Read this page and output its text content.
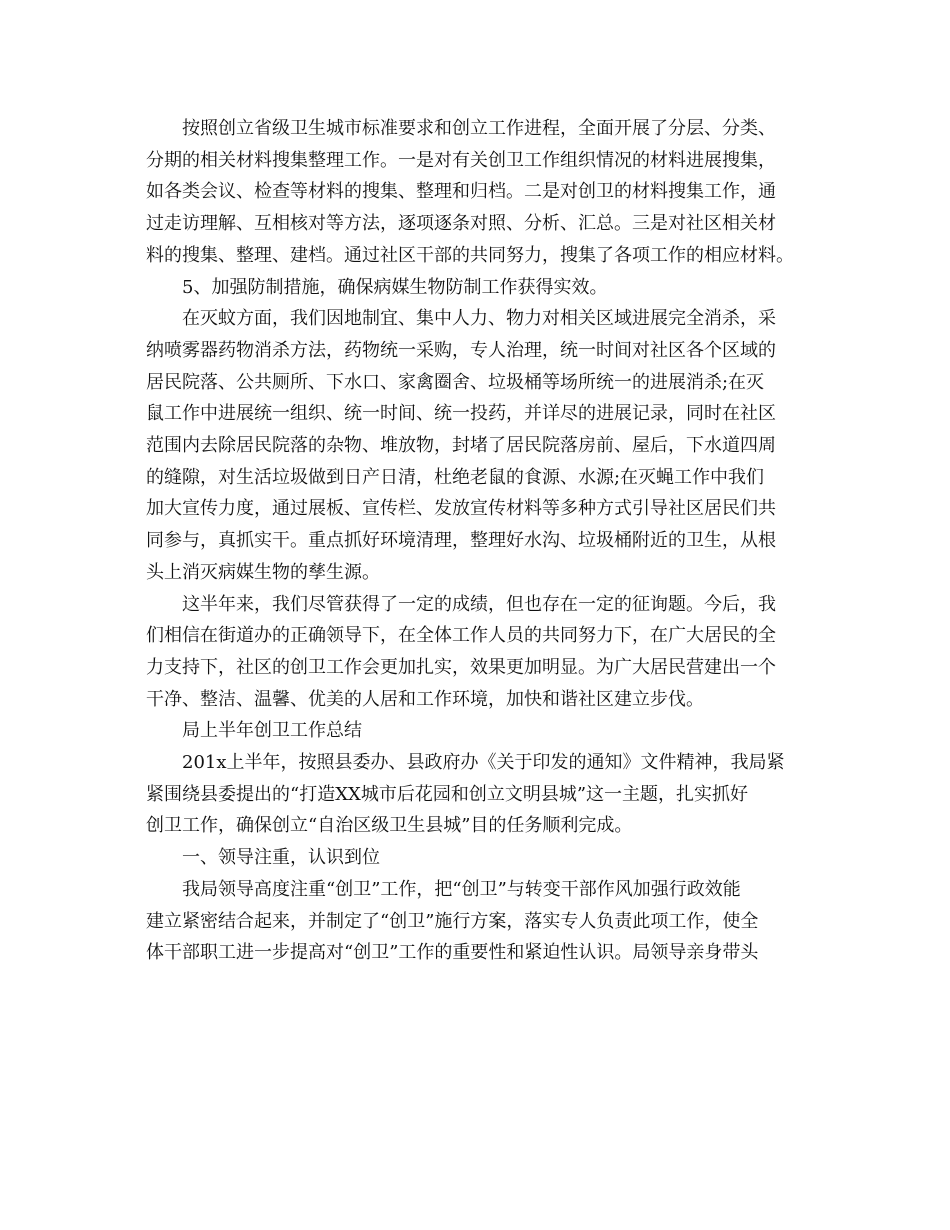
按照创立省级卫生城市标准要求和创立工作进程，全面开展了分层、分类、
分期的相关材料搜集整理工作。一是对有关创卫工作组织情况的材料进展搜集，
如各类会议、检查等材料的搜集、整理和归档。二是对创卫的材料搜集工作，通
过走访理解、互相核对等方法，逐项逐条对照、分析、汇总。三是对社区相关材
料的搜集、整理、建档。通过社区干部的共同努力，搜集了各项工作的相应材料。

5、加强防制措施，确保病媒生物防制工作获得实效。

在灭蚊方面，我们因地制宜、集中人力、物力对相关区域进展完全消杀，采
纳喷雾器药物消杀方法，药物统一采购，专人治理，统一时间对社区各个区域的
居民院落、公共厕所、下水口、家禽圈舍、垃圾桶等场所统一的进展消杀;在灭
鼠工作中进展统一组织、统一时间、统一投药，并详尽的进展记录，同时在社区
范围内去除居民院落的杂物、堆放物，封堵了居民院落房前、屋后，下水道四周
的缝隙，对生活垃圾做到日产日清，杜绝老鼠的食源、水源;在灭蝇工作中我们
加大宣传力度，通过展板、宣传栏、发放宣传材料等多种方式引导社区居民们共
同参与，真抓实干。重点抓好环境清理，整理好水沟、垃圾桶附近的卫生，从根
头上消灭病媒生物的孳生源。

这半年来，我们尽管获得了一定的成绩，但也存在一定的征询题。今后，我
们相信在街道办的正确领导下，在全体工作人员的共同努力下，在广大居民的全
力支持下，社区的创卫工作会更加扎实，效果更加明显。为广大居民营建出一个
干净、整洁、温馨、优美的人居和工作环境，加快和谐社区建立步伐。

局上半年创卫工作总结

201x上半年，按照县委办、县政府办《关于印发的通知》文件精神，我局紧
紧围绕县委提出的“打造XX城市后花园和创立文明县城”这一主题，扎实抓好
创卫工作，确保创立“自治区级卫生县城”目的任务顺利完成。

一、领导注重，认识到位

我局领导高度注重“创卫”工作，把“创卫”与转变干部作风加强行政效能
建立紧密结合起来，并制定了“创卫”施行方案，落实专人负责此项工作，使全
体干部职工进一步提高对“创卫”工作的重要性和紧迫性认识。局领导亲身带头
